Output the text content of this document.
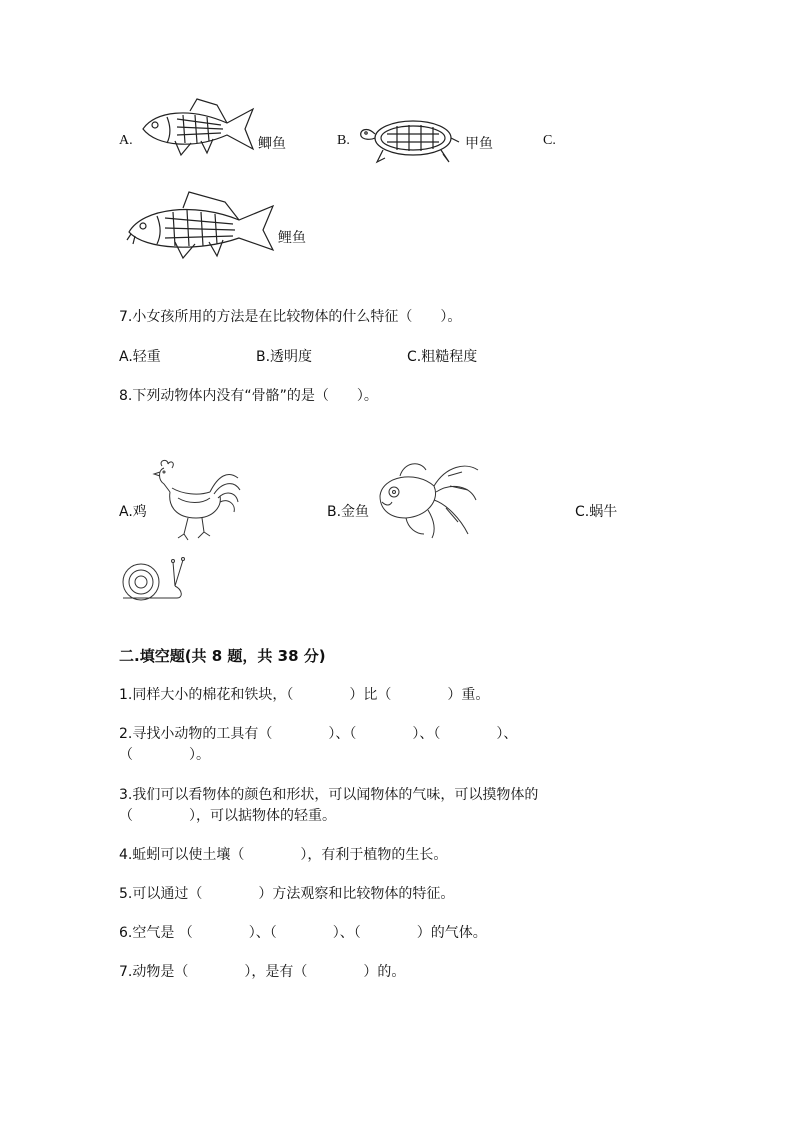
A.	鲫鱼	B.	甲鱼	C.
鲤鱼
7.小女孩所用的方法是在比较物体的什么特征（　　）。
A.轻重	B.透明度	C.粗糙程度
8.下列动物体内没有“骨骼”的是（　　）。
A.鸡	B.金鱼	C.蜗牛
二.填空题(共 8 题，共 38 分)
1.同样大小的棉花和铁块，（　　　　）比（　　　　）重。
2.寻找小动物的工具有（　　　　）、（　　　　）、（　　　　）、
（　　　　）。
3.我们可以看物体的颜色和形状，可以闻物体的气味，可以摸物体的
（　　　　），可以掂物体的轻重。
4.蚯蚓可以使土壤（　　　　），有利于植物的生长。
5.可以通过（　　　　）方法观察和比较物体的特征。
6.空气是 （　　　　）、（　　　　）、（　　　　）的气体。
7.动物是（　　　　），是有（　　　　）的。
